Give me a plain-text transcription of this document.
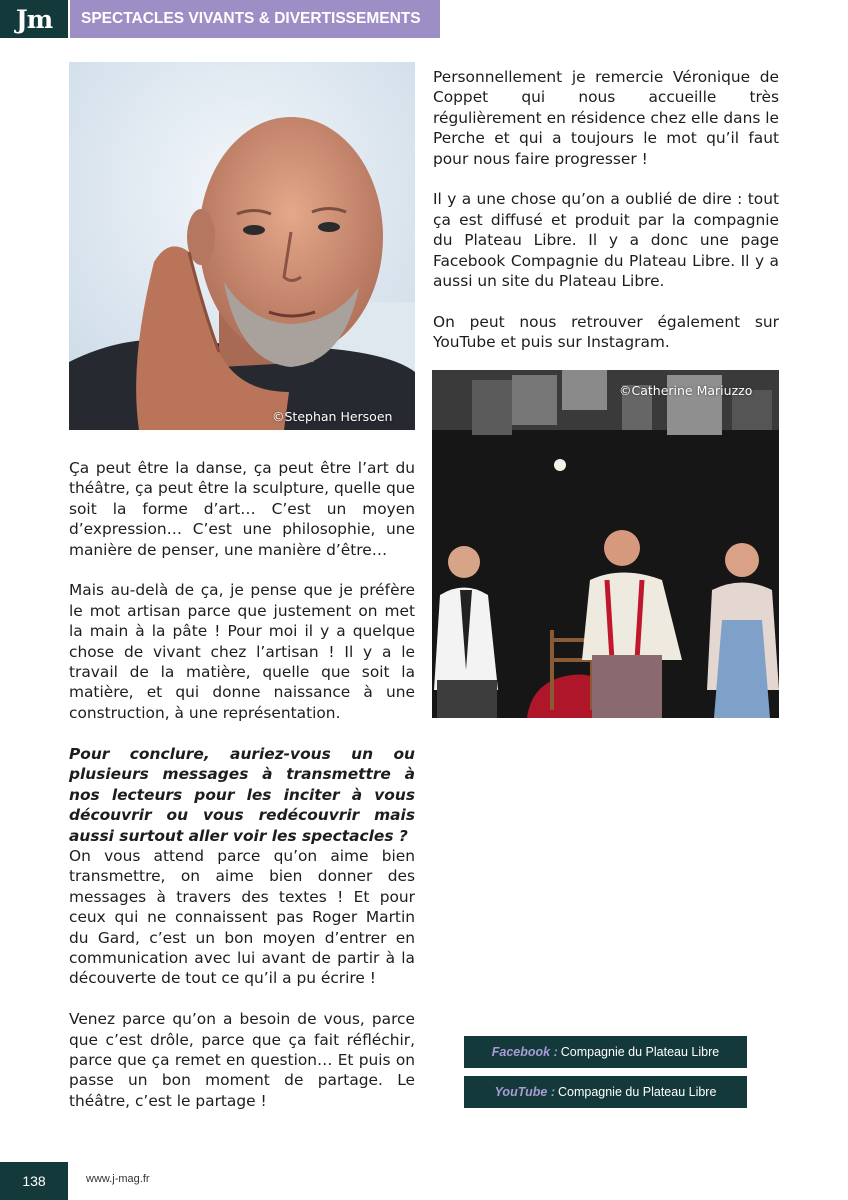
Jm	SPECTACLES VIVANTS & DIVERTISSEMENTS
©Stephan Hersoen

Personnellement je remercie Véronique de Coppet qui nous accueille très régulièrement en résidence chez elle dans le Perche et qui a toujours le mot qu’il faut pour nous faire progresser !

Il y a une chose qu’on a oublié de dire : tout ça est diffusé et produit par la compagnie du Plateau Libre. Il y a donc une page Facebook Compagnie du Plateau Libre. Il y a aussi un site du Plateau Libre.

On peut nous retrouver également sur YouTube et puis sur Instagram.

©Catherine Mariuzzo

Ça peut être la danse, ça peut être l’art du théâtre, ça peut être la sculpture, quelle que soit la forme d’art… C’est un moyen d’expression… C’est une philosophie, une manière de penser, une manière d’être…

Mais au-delà de ça, je pense que je préfère le mot artisan parce que justement on met la main à la pâte ! Pour moi il y a quelque chose de vivant chez l’artisan ! Il y a le travail de la matière, quelle que soit la matière, et qui donne naissance à une construction, à une représentation.

Pour conclure, auriez-vous un ou plusieurs messages à transmettre à nos lecteurs pour les inciter à vous découvrir ou vous redécouvrir mais aussi surtout aller voir les spectacles ?
On vous attend parce qu’on aime bien transmettre, on aime bien donner des messages à travers des textes ! Et pour ceux qui ne connaissent pas Roger Martin du Gard, c’est un bon moyen d’entrer en communication avec lui avant de partir à la découverte de tout ce qu’il a pu écrire !
Venez parce qu’on a besoin de vous, parce que c’est drôle, parce que ça fait réfléchir, parce que ça remet en question… Et puis on passe un bon moment de partage. Le théâtre, c’est le partage !
Facebook : Compagnie du Plateau Libre
YouTube : Compagnie du Plateau Libre
138	www.j-mag.fr
